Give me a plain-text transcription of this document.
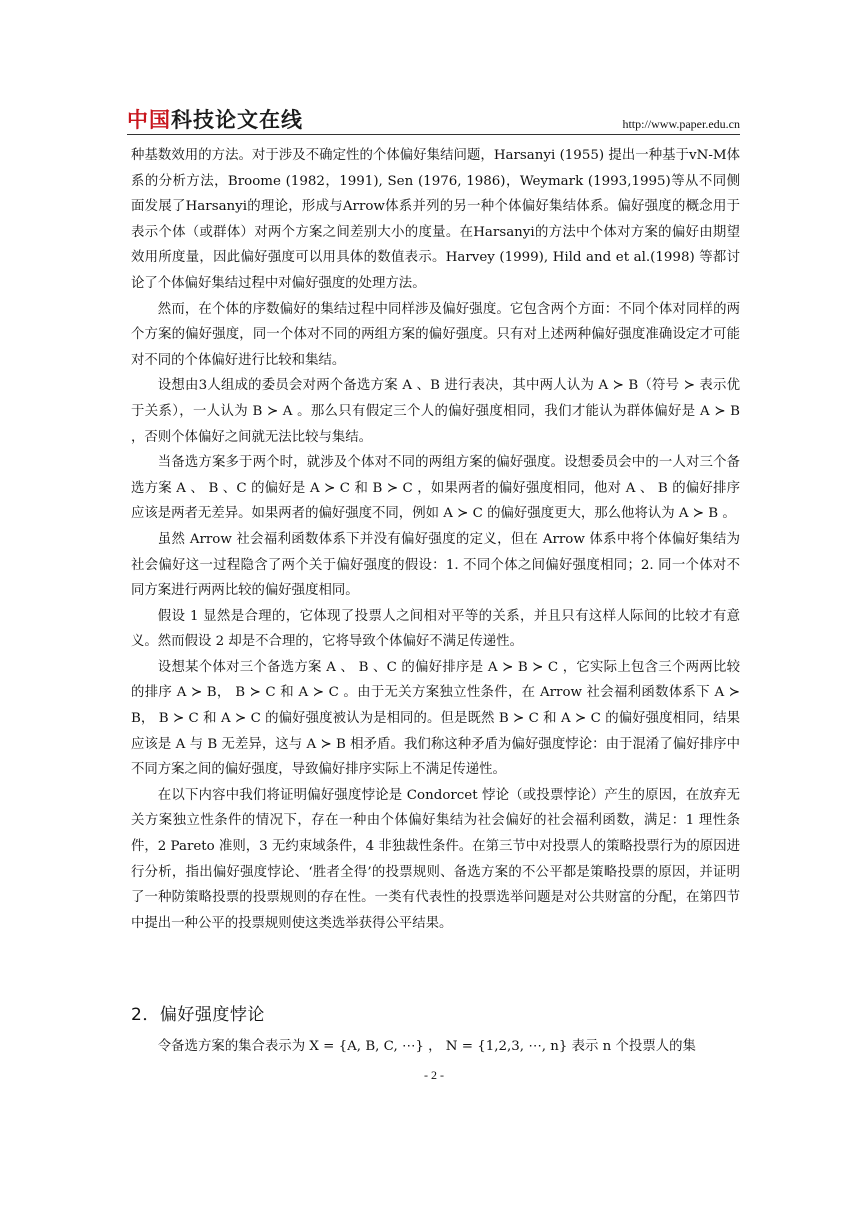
中国科技论文在线	http://www.paper.edu.cn

种基数效用的方法。对于涉及不确定性的个体偏好集结问题，Harsanyi (1955) 提出一种基于vN-M体系的分析方法，Broome (1982，1991), Sen (1976, 1986)，Weymark (1993,1995)等从不同侧面发展了Harsanyi的理论，形成与Arrow体系并列的另一种个体偏好集结体系。偏好强度的概念用于表示个体（或群体）对两个方案之间差别大小的度量。在Harsanyi的方法中个体对方案的偏好由期望效用所度量，因此偏好强度可以用具体的数值表示。Harvey (1999), Hild and et al.(1998) 等都讨论了个体偏好集结过程中对偏好强度的处理方法。

然而，在个体的序数偏好的集结过程中同样涉及偏好强度。它包含两个方面：不同个体对同样的两个方案的偏好强度，同一个体对不同的两组方案的偏好强度。只有对上述两种偏好强度准确设定才可能对不同的个体偏好进行比较和集结。

设想由3人组成的委员会对两个备选方案 A 、B 进行表决，其中两人认为 A ≻ B（符号 ≻ 表示优于关系），一人认为 B ≻ A 。那么只有假定三个人的偏好强度相同，我们才能认为群体偏好是 A ≻ B ，否则个体偏好之间就无法比较与集结。

当备选方案多于两个时，就涉及个体对不同的两组方案的偏好强度。设想委员会中的一人对三个备选方案 A 、 B 、C 的偏好是 A ≻ C 和 B ≻ C ，如果两者的偏好强度相同，他对 A 、 B 的偏好排序应该是两者无差异。如果两者的偏好强度不同，例如 A ≻ C 的偏好强度更大，那么他将认为 A ≻ B 。

虽然 Arrow 社会福利函数体系下并没有偏好强度的定义，但在 Arrow 体系中将个体偏好集结为社会偏好这一过程隐含了两个关于偏好强度的假设：1. 不同个体之间偏好强度相同；2. 同一个体对不同方案进行两两比较的偏好强度相同。

假设 1 显然是合理的，它体现了投票人之间相对平等的关系，并且只有这样人际间的比较才有意义。然而假设 2 却是不合理的，它将导致个体偏好不满足传递性。

设想某个体对三个备选方案 A 、 B 、C 的偏好排序是 A ≻ B ≻ C ，它实际上包含三个两两比较的排序 A ≻ B， B ≻ C 和 A ≻ C 。由于无关方案独立性条件，在 Arrow 社会福利函数体系下 A ≻ B， B ≻ C 和 A ≻ C 的偏好强度被认为是相同的。但是既然 B ≻ C 和 A ≻ C 的偏好强度相同，结果应该是 A 与 B 无差异，这与 A ≻ B 相矛盾。我们称这种矛盾为偏好强度悖论：由于混淆了偏好排序中不同方案之间的偏好强度，导致偏好排序实际上不满足传递性。

在以下内容中我们将证明偏好强度悖论是 Condorcet 悖论（或投票悖论）产生的原因，在放弃无关方案独立性条件的情况下，存在一种由个体偏好集结为社会偏好的社会福利函数，满足：1 理性条件，2 Pareto 准则，3 无约束域条件，4 非独裁性条件。在第三节中对投票人的策略投票行为的原因进行分析，指出偏好强度悖论、‘胜者全得’的投票规则、备选方案的不公平都是策略投票的原因，并证明了一种防策略投票的投票规则的存在性。一类有代表性的投票选举问题是对公共财富的分配，在第四节中提出一种公平的投票规则使这类选举获得公平结果。

2．偏好强度悖论

令备选方案的集合表示为 X = {A, B, C, ⋯} ， N = {1,2,3, ⋯, n} 表示 n 个投票人的集

- 2 -
